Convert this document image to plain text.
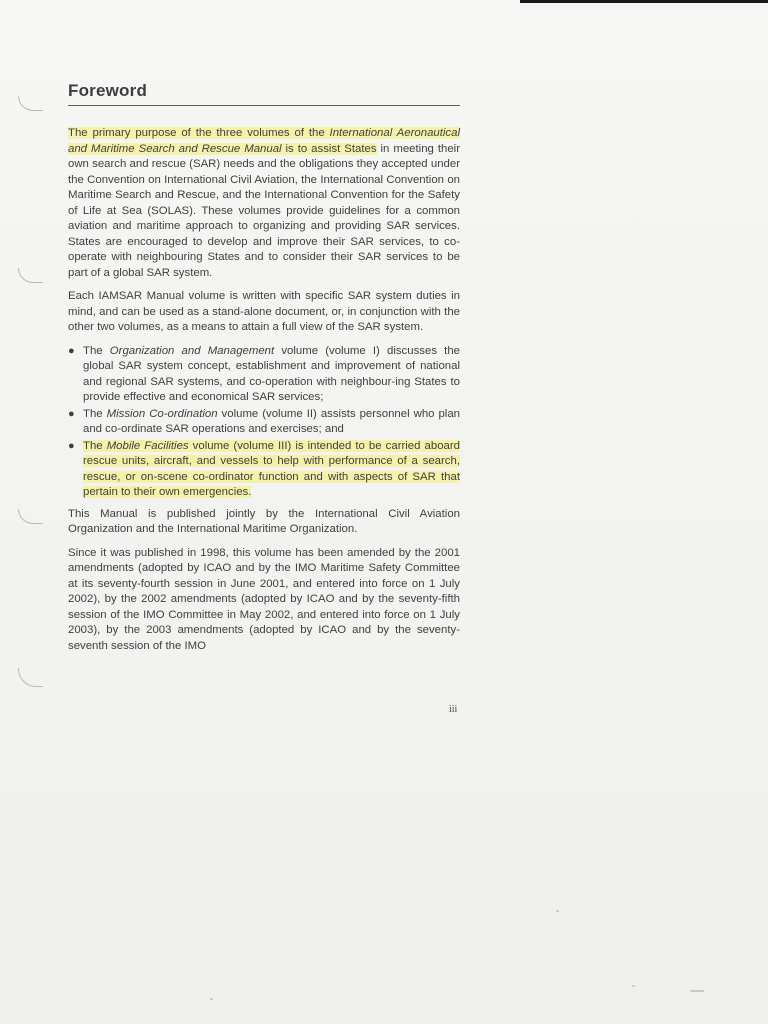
Foreword

The primary purpose of the three volumes of the International Aeronautical and Maritime Search and Rescue Manual is to assist States in meeting their own search and rescue (SAR) needs and the obligations they accepted under the Convention on International Civil Aviation, the International Convention on Maritime Search and Rescue, and the International Convention for the Safety of Life at Sea (SOLAS). These volumes provide guidelines for a common aviation and maritime approach to organizing and providing SAR services. States are encouraged to develop and improve their SAR services, to co-operate with neighbouring States and to consider their SAR services to be part of a global SAR system.

Each IAMSAR Manual volume is written with specific SAR system duties in mind, and can be used as a stand-alone document, or, in conjunction with the other two volumes, as a means to attain a full view of the SAR system.

● The Organization and Management volume (volume I) discusses the global SAR system concept, establishment and improvement of national and regional SAR systems, and co-operation with neighbour-ing States to provide effective and economical SAR services;
● The Mission Co-ordination volume (volume II) assists personnel who plan and co-ordinate SAR operations and exercises; and
● The Mobile Facilities volume (volume III) is intended to be carried aboard rescue units, aircraft, and vessels to help with performance of a search, rescue, or on-scene co-ordinator function and with aspects of SAR that pertain to their own emergencies.

This Manual is published jointly by the International Civil Aviation Organization and the International Maritime Organization.

Since it was published in 1998, this volume has been amended by the 2001 amendments (adopted by ICAO and by the IMO Maritime Safety Committee at its seventy-fourth session in June 2001, and entered into force on 1 July 2002), by the 2002 amendments (adopted by ICAO and by the seventy-fifth session of the IMO Committee in May 2002, and entered into force on 1 July 2003), by the 2003 amendments (adopted by ICAO and by the seventy-seventh session of the IMO

iii
